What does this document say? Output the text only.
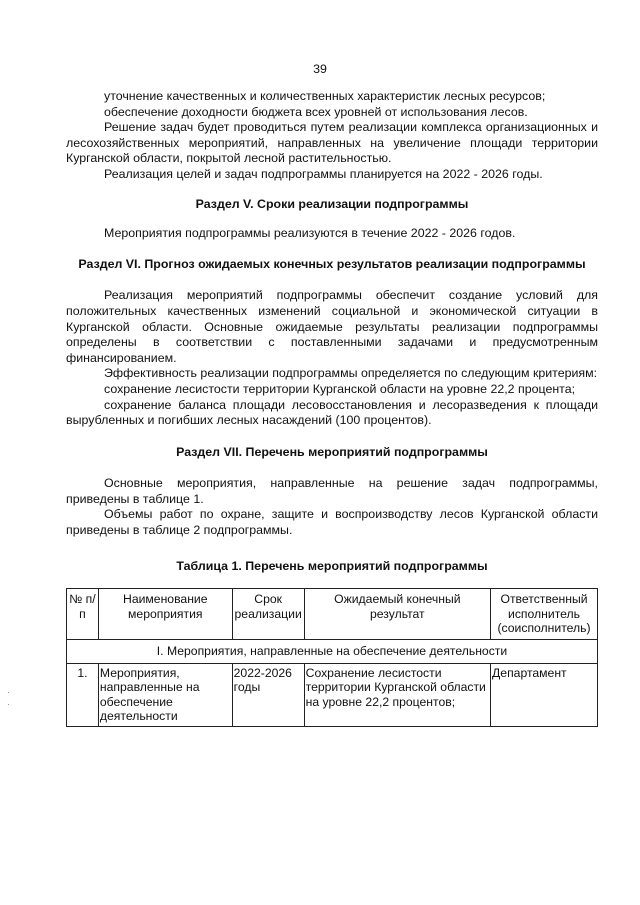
39

уточнение качественных и количественных характеристик лесных ресурсов;

обеспечение доходности бюджета всех уровней от использования лесов.

Решение задач будет проводиться путем реализации комплекса организационных и лесохозяйственных мероприятий, направленных на увеличение площади территории Курганской области, покрытой лесной растительностью.

Реализация целей и задач подпрограммы планируется на 2022 - 2026 годы.

Раздел V. Сроки реализации подпрограммы

Мероприятия подпрограммы реализуются в течение 2022 - 2026 годов.

Раздел VI. Прогноз ожидаемых конечных результатов реализации подпрограммы

Реализация мероприятий подпрограммы обеспечит создание условий для положительных качественных изменений социальной и экономической ситуации в Курганской области. Основные ожидаемые результаты реализации подпрограммы определены в соответствии с поставленными задачами и предусмотренным финансированием.

Эффективность реализации подпрограммы определяется по следующим критериям:

сохранение лесистости территории Курганской области на уровне 22,2 процента;

сохранение баланса площади лесовосстановления и лесоразведения к площади вырубленных и погибших лесных насаждений (100 процентов).

Раздел VII. Перечень мероприятий подпрограммы

Основные мероприятия, направленные на решение задач подпрограммы, приведены в таблице 1.

Объемы работ по охране, защите и воспроизводству лесов Курганской области приведены в таблице 2 подпрограммы.

Таблица 1. Перечень мероприятий подпрограммы

№ п/п	Наименование мероприятия	Срок реализации	Ожидаемый конечный результат	Ответственный исполнитель (соисполнитель)
I. Мероприятия, направленные на обеспечение деятельности				
1.	Мероприятия, направленные на обеспечение деятельности	2022-2026 годы	Сохранение лесистости территории Курганской области на уровне 22,2 процентов;	Департамент
